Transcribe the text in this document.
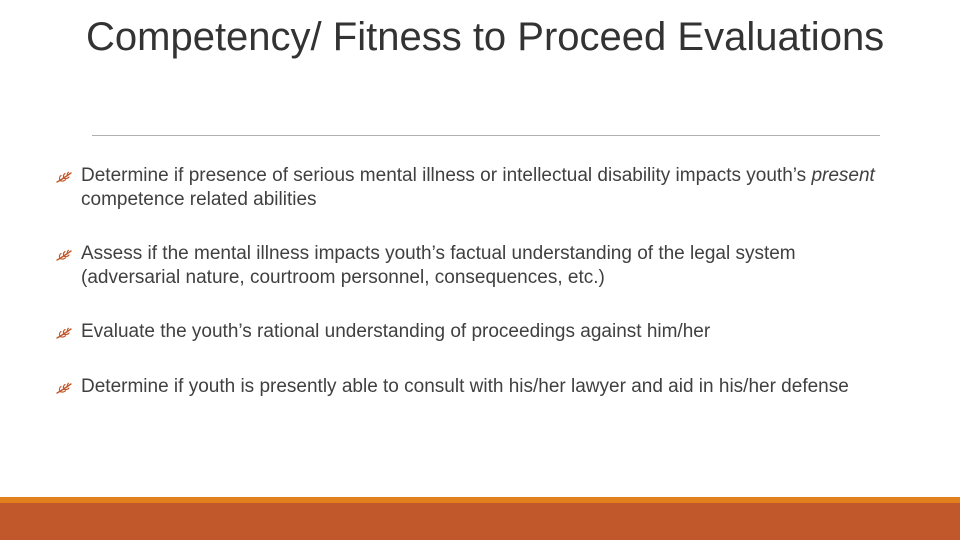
Competency/ Fitness to Proceed Evaluations
Determine if presence of serious mental illness or intellectual disability impacts youth’s present competence related abilities
Assess if the mental illness impacts youth’s factual understanding of the legal system (adversarial nature, courtroom personnel, consequences, etc.)
Evaluate the youth’s rational understanding of proceedings against him/her
Determine if youth is presently able to consult with his/her lawyer and aid in his/her defense
